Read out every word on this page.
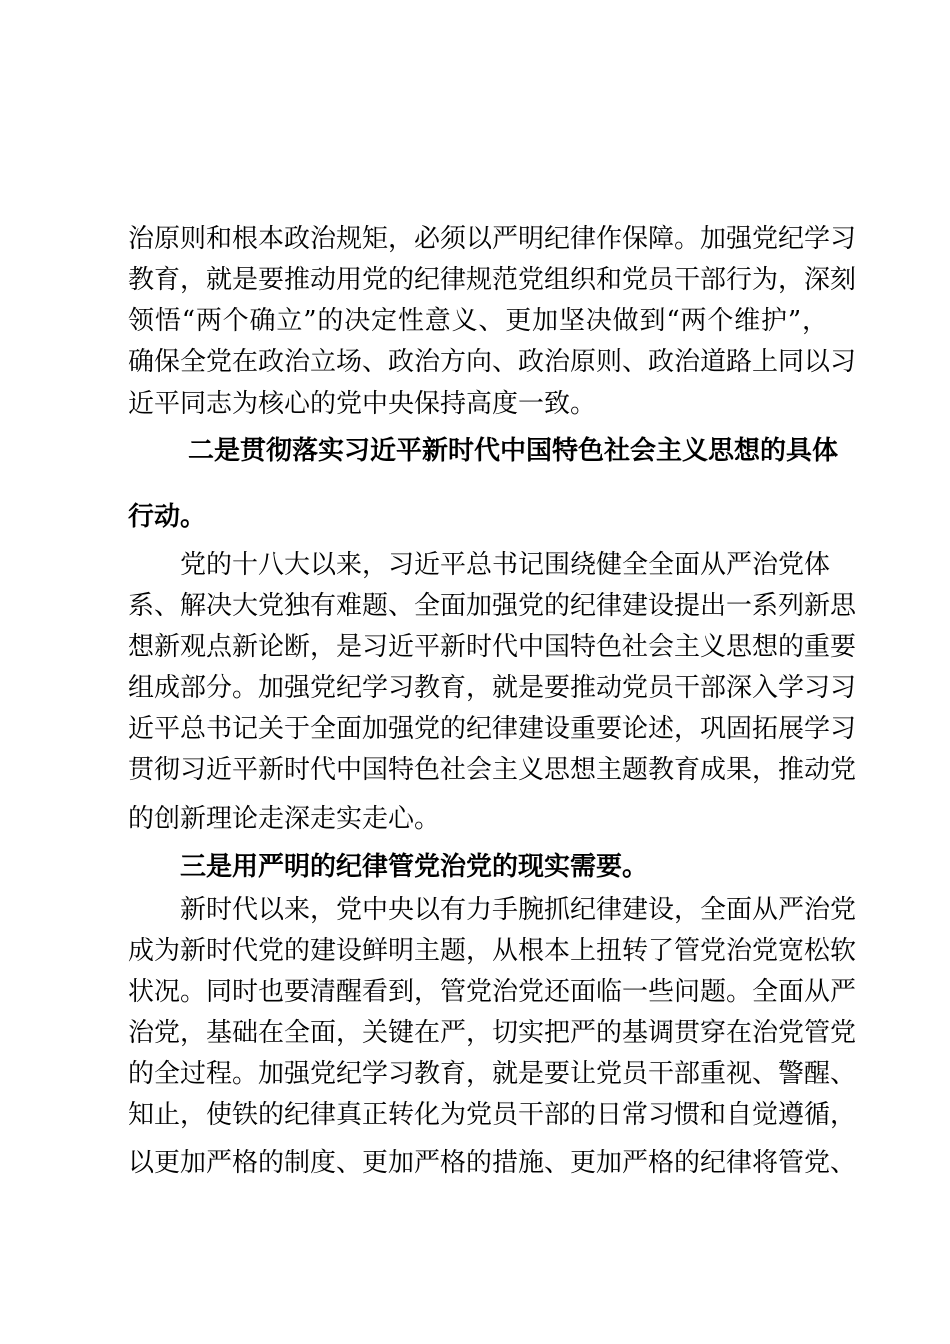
治原则和根本政治规矩，必须以严明纪律作保障。加强党纪学习
教育，就是要推动用党的纪律规范党组织和党员干部行为，深刻
领悟“两个确立”的决定性意义、更加坚决做到“两个维护”，
确保全党在政治立场、政治方向、政治原则、政治道路上同以习
近平同志为核心的党中央保持高度一致。
二是贯彻落实习近平新时代中国特色社会主义思想的具体
行动。
党的十八大以来，习近平总书记围绕健全全面从严治党体
系、解决大党独有难题、全面加强党的纪律建设提出一系列新思
想新观点新论断，是习近平新时代中国特色社会主义思想的重要
组成部分。加强党纪学习教育，就是要推动党员干部深入学习习
近平总书记关于全面加强党的纪律建设重要论述，巩固拓展学习
贯彻习近平新时代中国特色社会主义思想主题教育成果，推动党
的创新理论走深走实走心。
三是用严明的纪律管党治党的现实需要。
新时代以来，党中央以有力手腕抓纪律建设，全面从严治党
成为新时代党的建设鲜明主题，从根本上扭转了管党治党宽松软
状况。同时也要清醒看到，管党治党还面临一些问题。全面从严
治党，基础在全面，关键在严，切实把严的基调贯穿在治党管党
的全过程。加强党纪学习教育，就是要让党员干部重视、警醒、
知止，使铁的纪律真正转化为党员干部的日常习惯和自觉遵循，
以更加严格的制度、更加严格的措施、更加严格的纪律将管党、
